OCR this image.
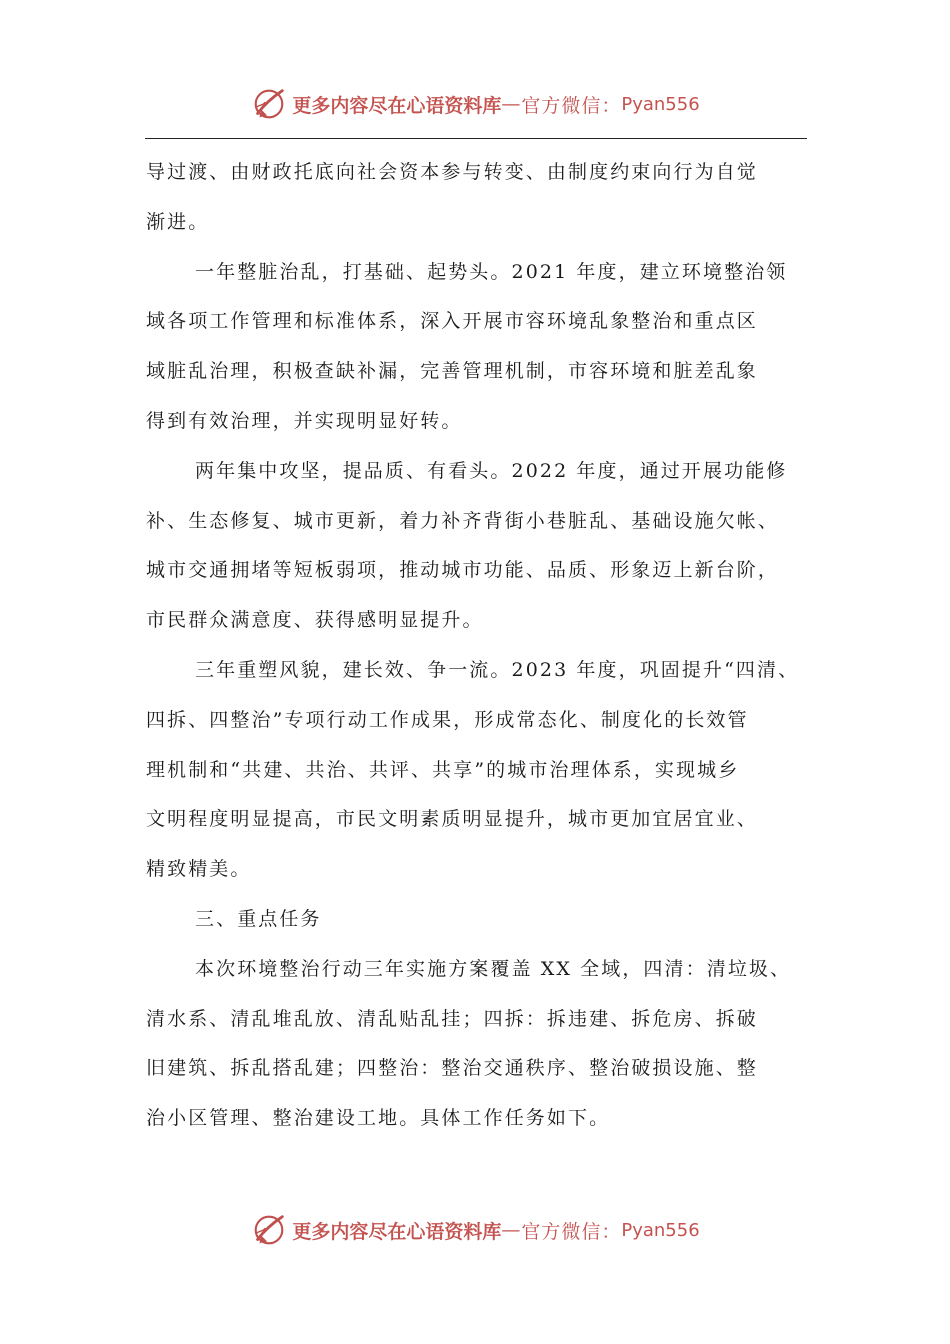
更多内容尽在心语资料库 — 官方微信： Pyan556
导过渡、由财政托底向社会资本参与转变、由制度约束向行为自觉
渐进。
一年整脏治乱，打基础、起势头。2021 年度，建立环境整治领
域各项工作管理和标准体系，深入开展市容环境乱象整治和重点区
域脏乱治理，积极查缺补漏，完善管理机制，市容环境和脏差乱象
得到有效治理，并实现明显好转。
两年集中攻坚，提品质、有看头。2022 年度，通过开展功能修
补、生态修复、城市更新，着力补齐背街小巷脏乱、基础设施欠帐、
城市交通拥堵等短板弱项，推动城市功能、品质、形象迈上新台阶，
市民群众满意度、获得感明显提升。
三年重塑风貌，建长效、争一流。2023 年度，巩固提升“四清、
四拆、四整治”专项行动工作成果，形成常态化、制度化的长效管
理机制和“共建、共治、共评、共享”的城市治理体系，实现城乡
文明程度明显提高，市民文明素质明显提升，城市更加宜居宜业、
精致精美。
三、重点任务
本次环境整治行动三年实施方案覆盖 XX 全域，四清：清垃圾、
清水系、清乱堆乱放、清乱贴乱挂；四拆：拆违建、拆危房、拆破
旧建筑、拆乱搭乱建；四整治：整治交通秩序、整治破损设施、整
治小区管理、整治建设工地。具体工作任务如下。
更多内容尽在心语资料库 — 官方微信： Pyan556
